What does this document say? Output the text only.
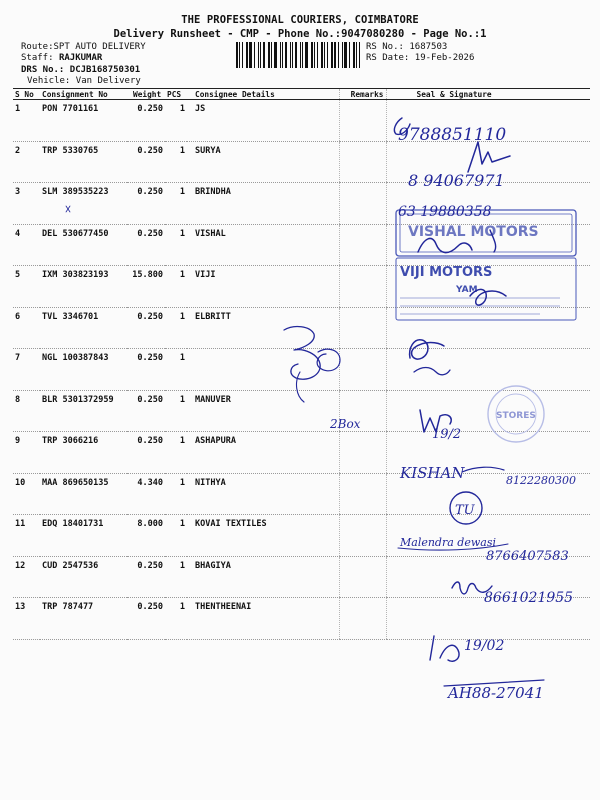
THE PROFESSIONAL COURIERS, COIMBATORE
Delivery Runsheet - CMP - Phone No.:9047080280 - Page No.:1
Route:SPT AUTO DELIVERY
Staff: RAJKUMAR
DRS No.: DCJB168750301
Vehicle: Van Delivery
RS No.: 1687503
RS Date: 19-Feb-2026
S No	Consignment No	Weight	PCS	Consignee Details	Remarks	Seal & Signature
1	PON 7701161	0.250	1	JS		
2	TRP 5330765	0.250	1	SURYA		
3	SLM 389535223	0.250	1	BRINDHA		
4	DEL 530677450	0.250	1	VISHAL		
5	IXM 303823193	15.800	1	VIJI		
6	TVL 3346701	0.250	1	ELBRITT		
7	NGL 100387843	0.250	1			
8	BLR 5301372959	0.250	1	MANUVER		
9	TRP 3066216	0.250	1	ASHAPURA		
10	MAA 869650135	4.340	1	NITHYA		
11	EDQ 18401731	8.000	1	KOVAI TEXTILES		
12	CUD 2547536	0.250	1	BHAGIYA		
13	TRP 787477	0.250	1	THENTHEENAI		
9788851110
8 94067971
VISHAL MOTORS
63 19880358
VIJI MOTORS
YAM
2Box
19/2
STORES
KISHAN	8122280300
TU
Malendra dewasi
8766407583
8661021955
19/02
AH88-27041
